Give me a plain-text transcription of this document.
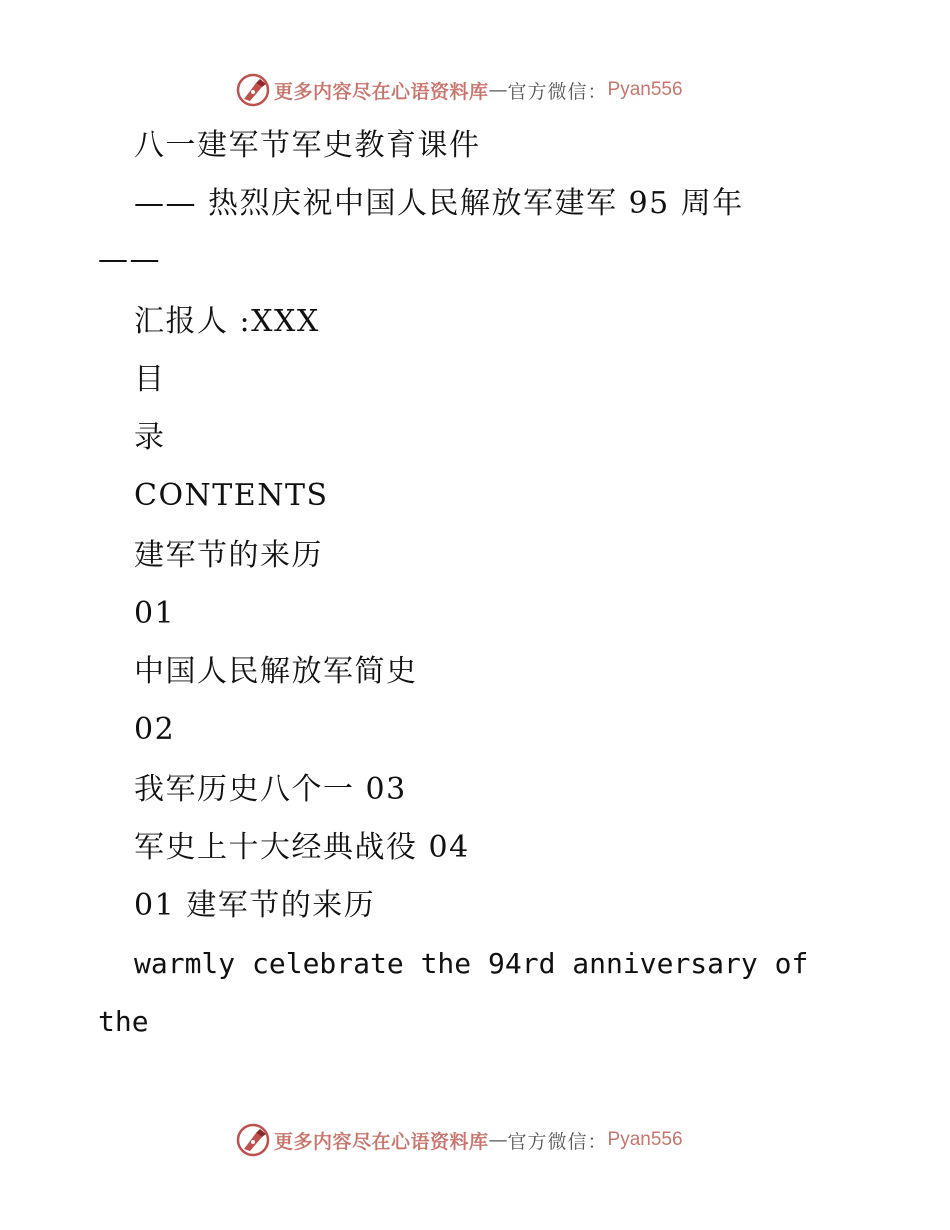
更多内容尽在心语资料库 — 官方微信： Pyan556
八一建军节军史教育课件
—— 热烈庆祝中国人民解放军建军 95 周年
——
汇报人 :XXX
目
录
CONTENTS
建军节的来历
01
中国人民解放军简史
02
我军历史八个一 03
军史上十大经典战役 04
01 建军节的来历
warmly celebrate the 94rd anniversary of
the
更多内容尽在心语资料库 — 官方微信： Pyan556
